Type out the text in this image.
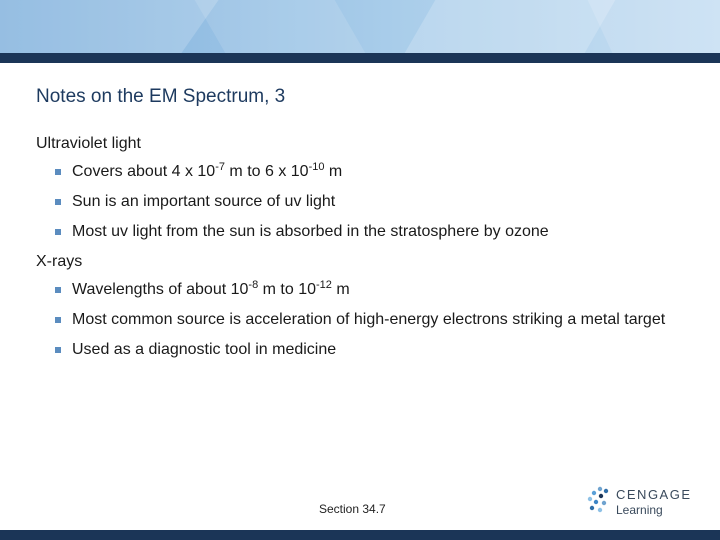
Notes on the EM Spectrum, 3
Ultraviolet light
Covers about 4 x $10^{-7}$ m to 6 x $10^{-10}$ m
Sun is an important source of uv light
Most uv light from the sun is absorbed in the stratosphere by ozone
X-rays
Wavelengths of about $10^{-8}$ m to $10^{-12}$ m
Most common source is acceleration of high-energy electrons striking a metal target
Used as a diagnostic tool in medicine
Section 34.7
CENGAGE
Learning
